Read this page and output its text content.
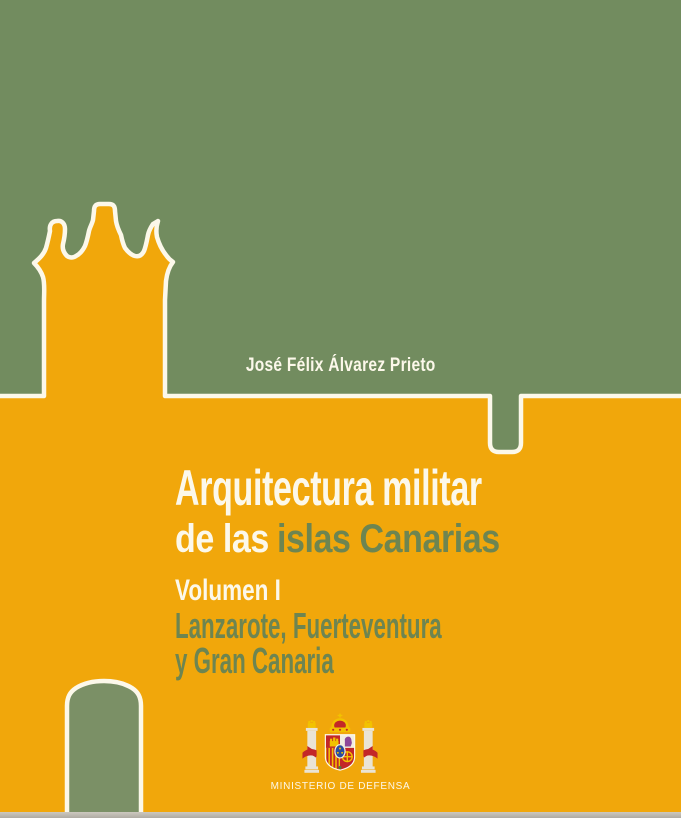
José Félix Álvarez Prieto
Arquitectura militar
de las islas Canarias
Volumen I
Lanzarote, Fuerteventura
y Gran Canaria
MINISTERIO DE DEFENSA
